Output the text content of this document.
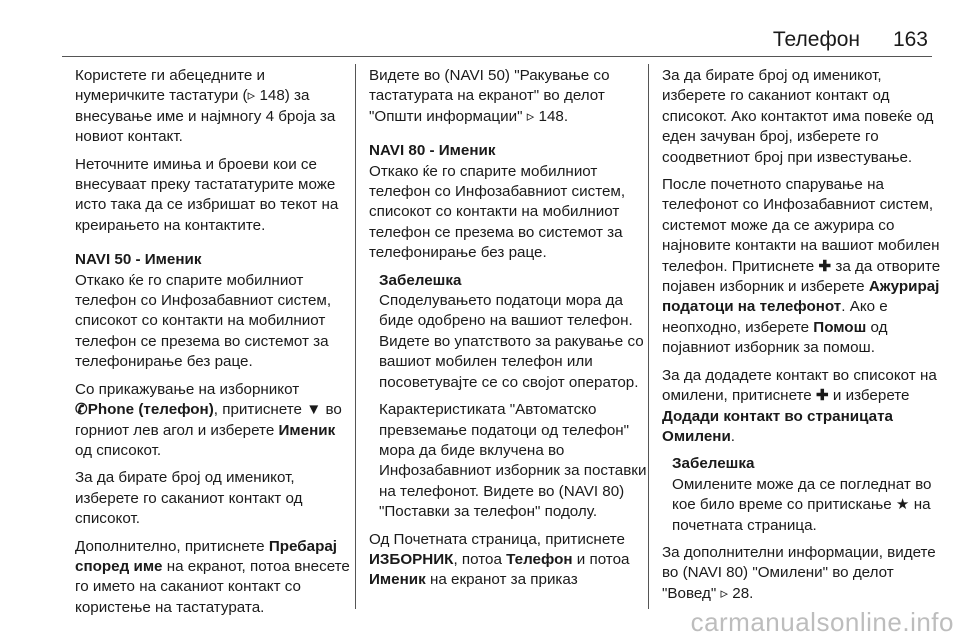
Телефон 163

Користете ги абецедните и нумеричките тастатури (▹ 148) за внесување име и најмногу 4 броја за новиот контакт.

Неточните имиња и броеви кои се внесуваат преку тастататурите може исто така да се избришат во текот на креирањето на контактите.

NAVI 50 - Именик

Откако ќе го спарите мобилниот телефон со Инфозабавниот систем, списокот со контакти на мобилниот телефон се презема во системот за телефонирање без раце.

Со прикажување на изборникот ✆Phone (телефон), притиснете ▼ во горниот лев агол и изберете Именик од списокот.

За да бирате број од именикот, изберете го саканиот контакт од списокот.

Дополнително, притиснете Пребарај според име на екранот, потоа внесете го името на саканиот контакт со користење на тастатурата.

Видете во (NAVI 50) "Ракување со тастатурата на екранот" во делот "Општи информации" ▹ 148.

NAVI 80 - Именик

Откако ќе го спарите мобилниот телефон со Инфозабавниот систем, списокот со контакти на мобилниот телефон се презема во системот за телефонирање без раце.

Забелешка

Споделувањето податоци мора да биде одобрено на вашиот телефон. Видете во упатството за ракување со вашиот мобилен телефон или посоветувајте се со својот оператор.

Карактеристиката "Автоматско превземање податоци од телефон" мора да биде вклучена во Инфозабавниот изборник за поставки на телефонот. Видете во (NAVI 80) "Поставки за телефон" подолу.

Од Почетната страница, притиснете ИЗБОРНИК, потоа Телефон и потоа Именик на екранот за приказ

За да бирате број од именикот, изберете го саканиот контакт од списокот. Ако контактот има повеќе од еден зачуван број, изберете го соодветниот број при известување.

После почетното спарување на телефонот со Инфозабавниот систем, системот може да се ажурира со најновите контакти на вашиот мобилен телефон. Притиснете ✚ за да отворите појавен изборник и изберете Ажурирај податоци на телефонот. Ако е неопходно, изберете Помош од појавниот изборник за помош.

За да додадете контакт во списокот на омилени, притиснете ✚ и изберете Додади контакт во страницата Омилени.

Забелешка

Омилените може да се погледнат во кое било време со притискање ★ на почетната страница.

За дополнителни информации, видете во (NAVI 80) "Омилени" во делот "Вовед" ▹ 28.

carmanualsonline.info
